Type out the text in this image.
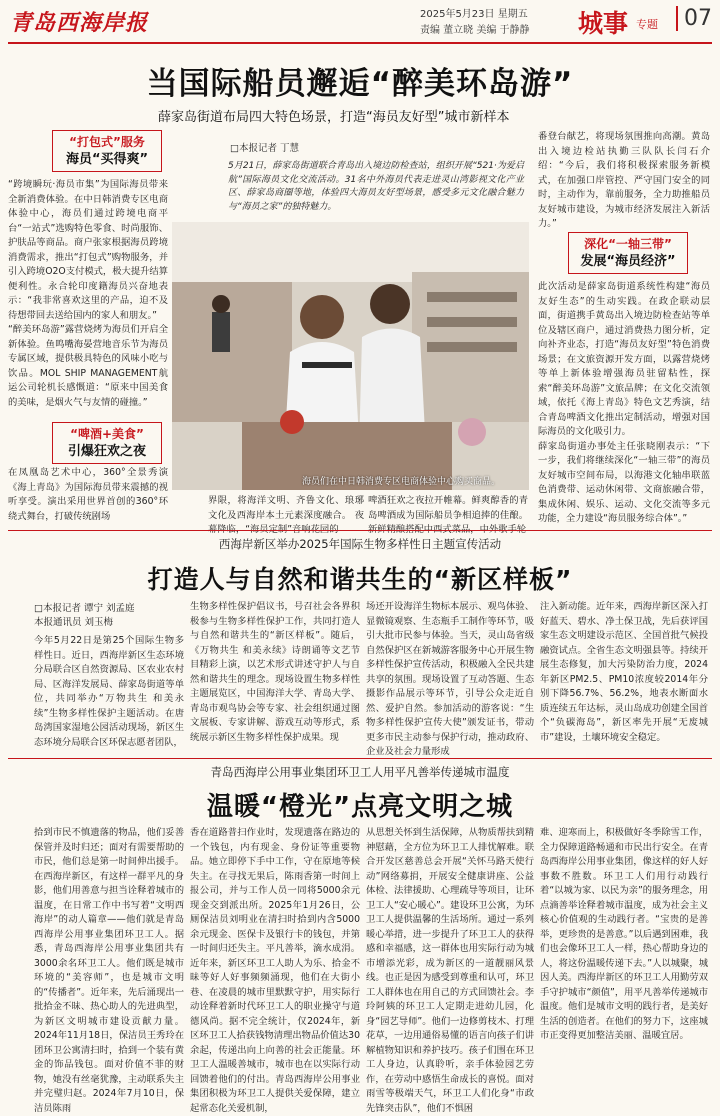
青岛西海岸报	2025年5月23日 星期五
责编 董立晓 美编 于静静 城事 专题	07
当国际船员邂逅“醉美环岛游”
薛家岛街道布局四大特色场景，打造“海员友好型”城市新样本
“打包式”服务
海员“买得爽”
“跨境瞬玩·海员市集”为国际海员带来全新消费体验。在中日韩消费专区电商体验中心，海员们通过跨境电商平台“一站式”选购特色零食、时尚服饰、护肤品等商品。商户张家根据海员跨境消费需求，推出“打包式”购物服务，并引入跨境O2O支付模式，极大提升结算便利性。永合轮印度籍海员兴奋地表示：“我非常喜欢这里的产品，迫不及待想带回去送给国内的家人和朋友。”
“醉美环岛游”露营烧烤为海员们开启全新体验。鱼鸣嘴海晏营地音乐节为海员专属区域，提供极具特色的风味小吃与饮品。MOL SHIP MANAGEMENT航运公司轮机长感慨道：“原来中国美食的美味，是烟火气与友情的碰撞。”
“啤酒+美食”
引爆狂欢之夜
在凤凰岛艺术中心，360°全景秀演《海上青岛》为国际海员带来震撼的视听享受。演出采用世界首创的360°环绕式舞台，打破传统剧场
□本报记者 丁慧
5月21日，薛家岛街道联合青岛出入境边防检查站，组织开展“521·为爱启航”国际海员文化交流活动。31名中外海员代表走进灵山湾影视文化产业区、薛家岛商圈等地，体验四大海员友好型场景，感受多元文化融合魅力与“海员之家”的独特魅力。
海员们在中日韩消费专区电商体验中心购买商品。
界限，将海洋文明、齐鲁文化、琅琊文化及西海岸本土元素深度融合。 夜
啤酒狂欢之夜拉开帷幕。鲜爽醇香的青岛啤酒成为国际船员争相追捧的佳酿。
番登台献艺，将现场氛围推向高潮。黄岛出入境边检站执勤三队队长闫石介绍：“今后，我们将积极探索服务新模式，在加强口岸管控、严守国门安全的同时，主动作为，靠前服务，全力助推船员友好城市建设，为城市经济发展注入新活力。”
深化“一轴三带”
发展“海员经济”
此次活动是薛家岛街道系统性构建“海员友好生态”的生动实践。在政企联动层面，街道携手黄岛出入境边防检查站等单位及辖区商户，通过消费热力图分析，定向补齐业态，打造“海员友好型”特色消费场景；在文旅资源开发方面，以露营烧烤等单上新体验增强海员驻留粘性，探索“醉美环岛游”文旅品牌；在文化交流领域，依托《海上青岛》特色文艺秀演，结合青岛啤酒文化推出定制活动，增强对国际海员的文化吸引力。
薛家岛街道办事处主任张晓刚表示：“下一步，我们将继续深化“一轴三带”的海员友好城市空间布局，以海港文化轴串联蓝色消费带、运动休闲带、文商旅融合带，集成休闲、娱乐、运动、文化交流等多元功能，全力建设“海员服务综合体”。”
西海岸新区举办2025年国际生物多样性日主题宣传活动
打造人与自然和谐共生的“新区样板”
□本报记者 谭宁 刘孟庭
本报通讯员 刘玉梅
今年5月22日是第25个国际生物多样性日。近日，西海岸新区生态环境分局联合区自然资源局、区农业农村局、区海洋发展局、薛家岛街道等单位，共同举办“万物共生 和美永续”生物多样性保护主题活动。在唐岛湾国家湿地公园活动现场，新区生态环境分局联合区环保志愿者团队，
生物多样性保护倡议书，号召社会各界积极参与生物多样性保护工作，共同打造人与自然和谐共生的“新区样板”。随后，《万物共生 和美永续》诗朗诵等文艺节目精彩上演，以艺术形式讲述守护人与自然和谐共生的理念。现场设置生物多样性主题展览区，中国海洋大学、青岛大学、青岛市观鸟协会等专家、社会组织通过图文展板、专家讲解、游戏互动等形式，系统展示新区生物多样性保护成果。现
场还开设海洋生物标本展示、观鸟体验、显微镜观察、生态瓶手工制作等环节，吸引大批市民参与体验。当天，灵山岛省级自然保护区在新城游客服务中心开展生物多样性保护宣传活动，积极融入全民共建共享的氛围。现场设置了互动答题、生态摄影作品展示等环节，引导公众走近自然、爱护自然。参加活动的游客说：“生物多样性保护宣传大使”颁发证书，带动更多市民主动参与保护行动，推动政府、企业及社会力量形成
注入新动能。近年来，西海岸新区深入打好蓝天、碧水、净土保卫战，先后获评国家生态文明建设示范区、全国首批气候投融资试点。全省生态文明强县等。持续开展生态修复，加大污染防治力度，2024年新区PM2.5、PM10浓度较2014年分别下降56.7%、56.2%，地表水断面水质连续五年达标，灵山岛成功创建全国首个“负碳海岛”，新区率先开展“无废城市”建设，土壤环境安全稳定。
青岛西海岸公用事业集团环卫工人用平凡善举传递城市温度
温暖“橙光”点亮文明之城
拾到市民不慎遗落的物品，他们妥善保管并及时归还；面对有需要帮助的市民，他们总是第一时间伸出援手。在西海岸新区，有这样一群平凡的身影，他们用善意与担当诠释着城市的温度，在日常工作中书写着“文明西海岸”的动人篇章——他们就是青岛西海岸公用事业集团环卫工人。据悉，青岛西海岸公用事业集团共有3000余名环卫工人。他们既是城市环境的“美容师”，也是城市文明的“传播者”。近年来，先后涌现出一批拾金不昧、热心助人的先进典型，为新区文明城市建设贡献力量。2024年11月18日，保洁员王秀玲在团环卫公寓清扫时，拾到一个装有黄金的饰品钱包。面对价值不菲的财物，她没有丝毫犹豫，主动联系失主并完璧归赵。2024年7月10日，保洁员陈雨
香在道路普扫作业时，发现遗落在路边的一个钱包，内有现金、身份证等重要物品。她立即停下手中工作，守在原地等候失主。在寻找无果后，陈雨香第一时间上报公司，并与工作人员一同将5000余元现金交到派出所。2025年1月26日，公厕保洁员刘明业在清扫时拾到内含5000余元现金、医保卡及银行卡的钱包，并第一时间归还失主。平凡善举，滴水成涓。近年来，新区环卫工人助人为乐、拾金不昧等好人好事频频涌现，他们在大街小巷、在凌晨的城市里默默守护，用实际行动诠释着新时代环卫工人的职业操守与道德风尚。据不完全统计，仅2024年，新区环卫工人拾获钱物清理出物品价值达30余起，传递出向上向善的社会正能量。环卫工人温暖善城市，城市也在以实际行动回馈着他们的付出。青岛西海岸公用事业集团积极为环卫工人提供关爱保障，建立起常态化关爱机制，
从思想关怀到生活保障，从物质帮扶到精神慰藉，全方位为环卫工人排忧解难。联合开发区慈善总会开展“关怀马路天使行动”网络募捐，开展安全健康讲座、公益体检、法律援助、心理疏导等项目，让环卫工人“安心暖心”。建设环卫公寓，为环卫工人提供温馨的生活场所。通过一系列暖心举措，进一步提升了环卫工人的获得感和幸福感，这一群体也用实际行动为城市增添光彩，成为新区的一道靓丽风景线。也正是因为感受到尊重和认可，环卫工人群体也在用自己的方式回馈社会。李玲阿姨的环卫工人定期走进幼儿园，化身“园艺导师”。他们一边修剪枝木、打理花草，一边用通俗易懂的语言向孩子们讲解植物知识和养护技巧。孩子们围在环卫工人身边，认真聆听，亲手体验园艺劳作，在劳动中感悟生命成长的喜悦。面对雨雪等极端天气，环卫工人们化身“市政先锋突击队”，他们不惧困
难、迎寒而上，积极做好冬季除雪工作，全力保障道路畅通和市民出行安全。在青岛西海岸公用事业集团，像这样的好人好事数不胜数。环卫工人们用行动践行着“以城为家、以民为亲”的服务理念，用点滴善举诠释着城市温度，成为社会主义核心价值观的生动践行者。“宝贵的是善举，更珍贵的是善意。”以后遇到困难，我们也会像环卫工人一样，热心帮助身边的人，将这份温暖传递下去。”人以城聚，城因人美。西海岸新区的环卫工人用勤劳双手守护城市“颜值”，用平凡善举传递城市温度。他们是城市文明的践行者，是美好生活的创造者。在他们的努力下，这座城市正变得更加整洁美丽、温暖宜居。
